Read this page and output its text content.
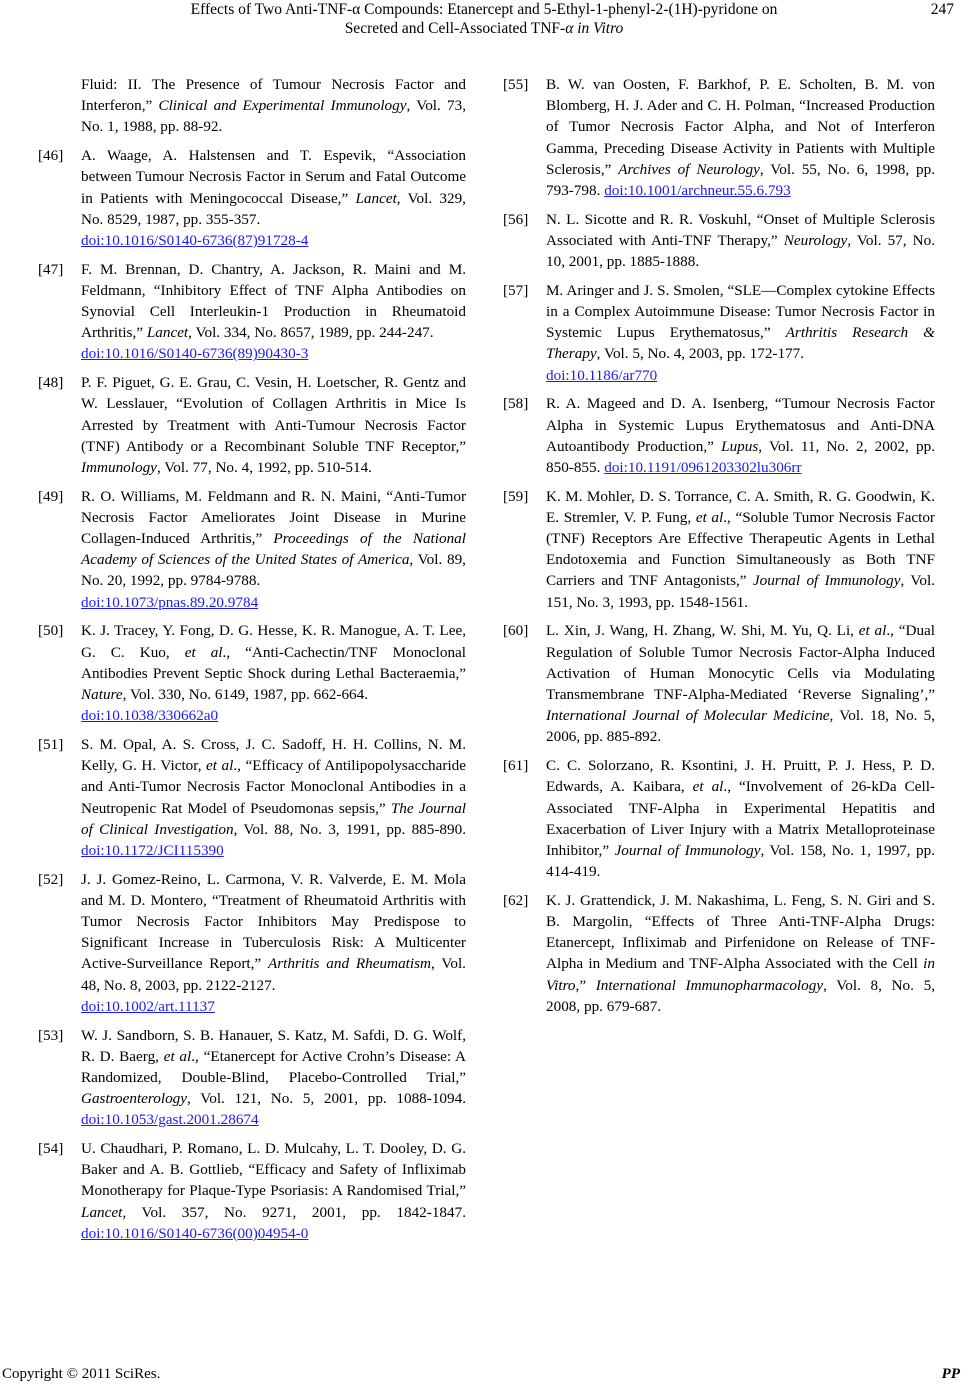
Effects of Two Anti-TNF-α Compounds: Etanercept and 5-Ethyl-1-phenyl-2-(1H)-pyridone on
Secreted and Cell-Associated TNF-α in Vitro
247
Fluid: II. The Presence of Tumour Necrosis Factor and Interferon,” Clinical and Experimental Immunology, Vol. 73, No. 1, 1988, pp. 88-92.
[46] A. Waage, A. Halstensen and T. Espevik, “Association between Tumour Necrosis Factor in Serum and Fatal Outcome in Patients with Meningococcal Disease,” Lancet, Vol. 329, No. 8529, 1987, pp. 355-357.
doi:10.1016/S0140-6736(87)91728-4
[47] F. M. Brennan, D. Chantry, A. Jackson, R. Maini and M. Feldmann, “Inhibitory Effect of TNF Alpha Antibodies on Synovial Cell Interleukin-1 Production in Rheumatoid Arthritis,” Lancet, Vol. 334, No. 8657, 1989, pp. 244-247.
doi:10.1016/S0140-6736(89)90430-3
[48] P. F. Piguet, G. E. Grau, C. Vesin, H. Loetscher, R. Gentz and W. Lesslauer, “Evolution of Collagen Arthritis in Mice Is Arrested by Treatment with Anti-Tumour Necrosis Factor (TNF) Antibody or a Recombinant Soluble TNF Receptor,” Immunology, Vol. 77, No. 4, 1992, pp. 510-514.
[49] R. O. Williams, M. Feldmann and R. N. Maini, “Anti-Tumor Necrosis Factor Ameliorates Joint Disease in Murine Collagen-Induced Arthritis,” Proceedings of the National Academy of Sciences of the United States of America, Vol. 89, No. 20, 1992, pp. 9784-9788.
doi:10.1073/pnas.89.20.9784
[50] K. J. Tracey, Y. Fong, D. G. Hesse, K. R. Manogue, A. T. Lee, G. C. Kuo, et al., “Anti-Cachectin/TNF Monoclonal Antibodies Prevent Septic Shock during Lethal Bacteraemia,” Nature, Vol. 330, No. 6149, 1987, pp. 662-664.
doi:10.1038/330662a0
[51] S. M. Opal, A. S. Cross, J. C. Sadoff, H. H. Collins, N. M. Kelly, G. H. Victor, et al., “Efficacy of Antilipopolysaccharide and Anti-Tumor Necrosis Factor Monoclonal Antibodies in a Neutropenic Rat Model of Pseudomonas sepsis,” The Journal of Clinical Investigation, Vol. 88, No. 3, 1991, pp. 885-890. doi:10.1172/JCI115390
[52] J. J. Gomez-Reino, L. Carmona, V. R. Valverde, E. M. Mola and M. D. Montero, “Treatment of Rheumatoid Arthritis with Tumor Necrosis Factor Inhibitors May Predispose to Significant Increase in Tuberculosis Risk: A Multicenter Active-Surveillance Report,” Arthritis and Rheumatism, Vol. 48, No. 8, 2003, pp. 2122-2127.
doi:10.1002/art.11137
[53] W. J. Sandborn, S. B. Hanauer, S. Katz, M. Safdi, D. G. Wolf, R. D. Baerg, et al., “Etanercept for Active Crohn’s Disease: A Randomized, Double-Blind, Placebo-Controlled Trial,” Gastroenterology, Vol. 121, No. 5, 2001, pp. 1088-1094. doi:10.1053/gast.2001.28674
[54] U. Chaudhari, P. Romano, L. D. Mulcahy, L. T. Dooley, D. G. Baker and A. B. Gottlieb, “Efficacy and Safety of Infliximab Monotherapy for Plaque-Type Psoriasis: A Randomised Trial,” Lancet, Vol. 357, No. 9271, 2001, pp. 1842-1847. doi:10.1016/S0140-6736(00)04954-0
[55] B. W. van Oosten, F. Barkhof, P. E. Scholten, B. M. von Blomberg, H. J. Ader and C. H. Polman, “Increased Production of Tumor Necrosis Factor Alpha, and Not of Interferon Gamma, Preceding Disease Activity in Patients with Multiple Sclerosis,” Archives of Neurology, Vol. 55, No. 6, 1998, pp. 793-798. doi:10.1001/archneur.55.6.793
[56] N. L. Sicotte and R. R. Voskuhl, “Onset of Multiple Sclerosis Associated with Anti-TNF Therapy,” Neurology, Vol. 57, No. 10, 2001, pp. 1885-1888.
[57] M. Aringer and J. S. Smolen, “SLE—Complex cytokine Effects in a Complex Autoimmune Disease: Tumor Necrosis Factor in Systemic Lupus Erythematosus,” Arthritis Research & Therapy, Vol. 5, No. 4, 2003, pp. 172-177.
doi:10.1186/ar770
[58] R. A. Mageed and D. A. Isenberg, “Tumour Necrosis Factor Alpha in Systemic Lupus Erythematosus and Anti-DNA Autoantibody Production,” Lupus, Vol. 11, No. 2, 2002, pp. 850-855. doi:10.1191/0961203302lu306rr
[59] K. M. Mohler, D. S. Torrance, C. A. Smith, R. G. Goodwin, K. E. Stremler, V. P. Fung, et al., “Soluble Tumor Necrosis Factor (TNF) Receptors Are Effective Therapeutic Agents in Lethal Endotoxemia and Function Simultaneously as Both TNF Carriers and TNF Antagonists,” Journal of Immunology, Vol. 151, No. 3, 1993, pp. 1548-1561.
[60] L. Xin, J. Wang, H. Zhang, W. Shi, M. Yu, Q. Li, et al., “Dual Regulation of Soluble Tumor Necrosis Factor-Alpha Induced Activation of Human Monocytic Cells via Modulating Transmembrane TNF-Alpha-Mediated ‘Reverse Signaling’,” International Journal of Molecular Medicine, Vol. 18, No. 5, 2006, pp. 885-892.
[61] C. C. Solorzano, R. Ksontini, J. H. Pruitt, P. J. Hess, P. D. Edwards, A. Kaibara, et al., “Involvement of 26-kDa Cell-Associated TNF-Alpha in Experimental Hepatitis and Exacerbation of Liver Injury with a Matrix Metalloproteinase Inhibitor,” Journal of Immunology, Vol. 158, No. 1, 1997, pp. 414-419.
[62] K. J. Grattendick, J. M. Nakashima, L. Feng, S. N. Giri and S. B. Margolin, “Effects of Three Anti-TNF-Alpha Drugs: Etanercept, Infliximab and Pirfenidone on Release of TNF-Alpha in Medium and TNF-Alpha Associated with the Cell in Vitro,” International Immunopharmacology, Vol. 8, No. 5, 2008, pp. 679-687.
Copyright © 2011 SciRes.	PP
